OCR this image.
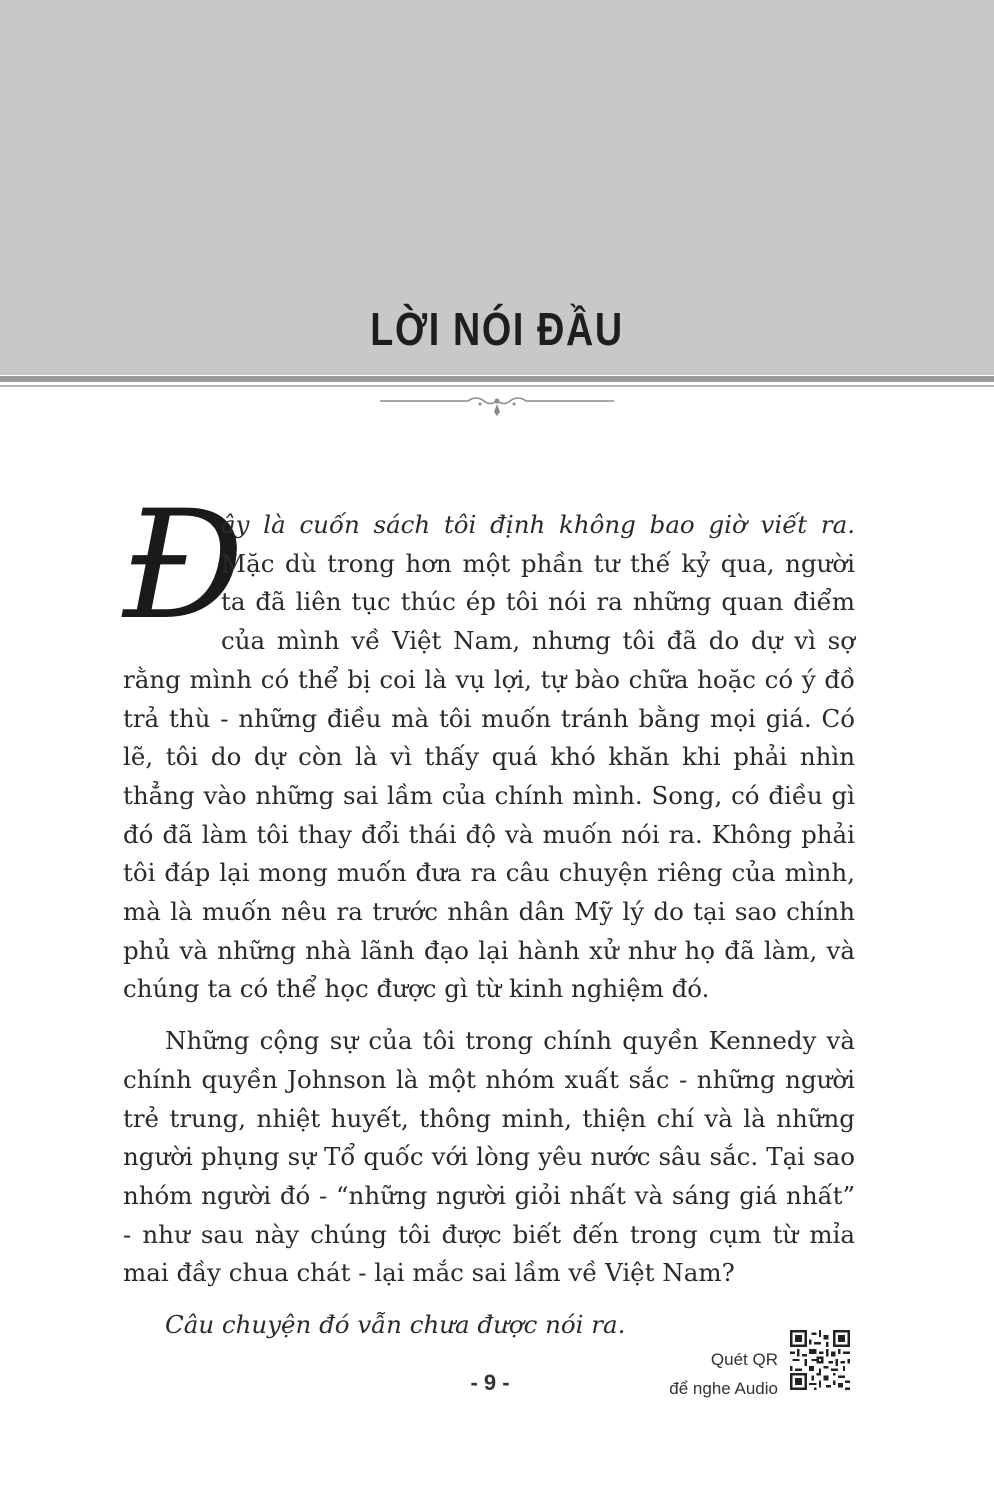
LỜI NÓI ĐẦU

Đ
ây là cuốn sách tôi định không bao giờ viết ra. Mặc dù trong hơn một phần tư thế kỷ qua, người ta đã liên tục thúc ép tôi nói ra những quan điểm của mình về Việt Nam, nhưng tôi đã do dự vì sợ rằng mình có thể bị coi là vụ lợi, tự bào chữa hoặc có ý đồ trả thù - những điều mà tôi muốn tránh bằng mọi giá. Có lẽ, tôi do dự còn là vì thấy quá khó khăn khi phải nhìn thẳng vào những sai lầm của chính mình. Song, có điều gì đó đã làm tôi thay đổi thái độ và muốn nói ra. Không phải tôi đáp lại mong muốn đưa ra câu chuyện riêng của mình, mà là muốn nêu ra trước nhân dân Mỹ lý do tại sao chính phủ và những nhà lãnh đạo lại hành xử như họ đã làm, và chúng ta có thể học được gì từ kinh nghiệm đó.

Những cộng sự của tôi trong chính quyền Kennedy và chính quyền Johnson là một nhóm xuất sắc - những người trẻ trung, nhiệt huyết, thông minh, thiện chí và là những người phụng sự Tổ quốc với lòng yêu nước sâu sắc. Tại sao nhóm người đó - “những người giỏi nhất và sáng giá nhất” - như sau này chúng tôi được biết đến trong cụm từ mỉa mai đầy chua chát - lại mắc sai lầm về Việt Nam?

Câu chuyện đó vẫn chưa được nói ra.

- 9 -
Quét QR
để nghe Audio
